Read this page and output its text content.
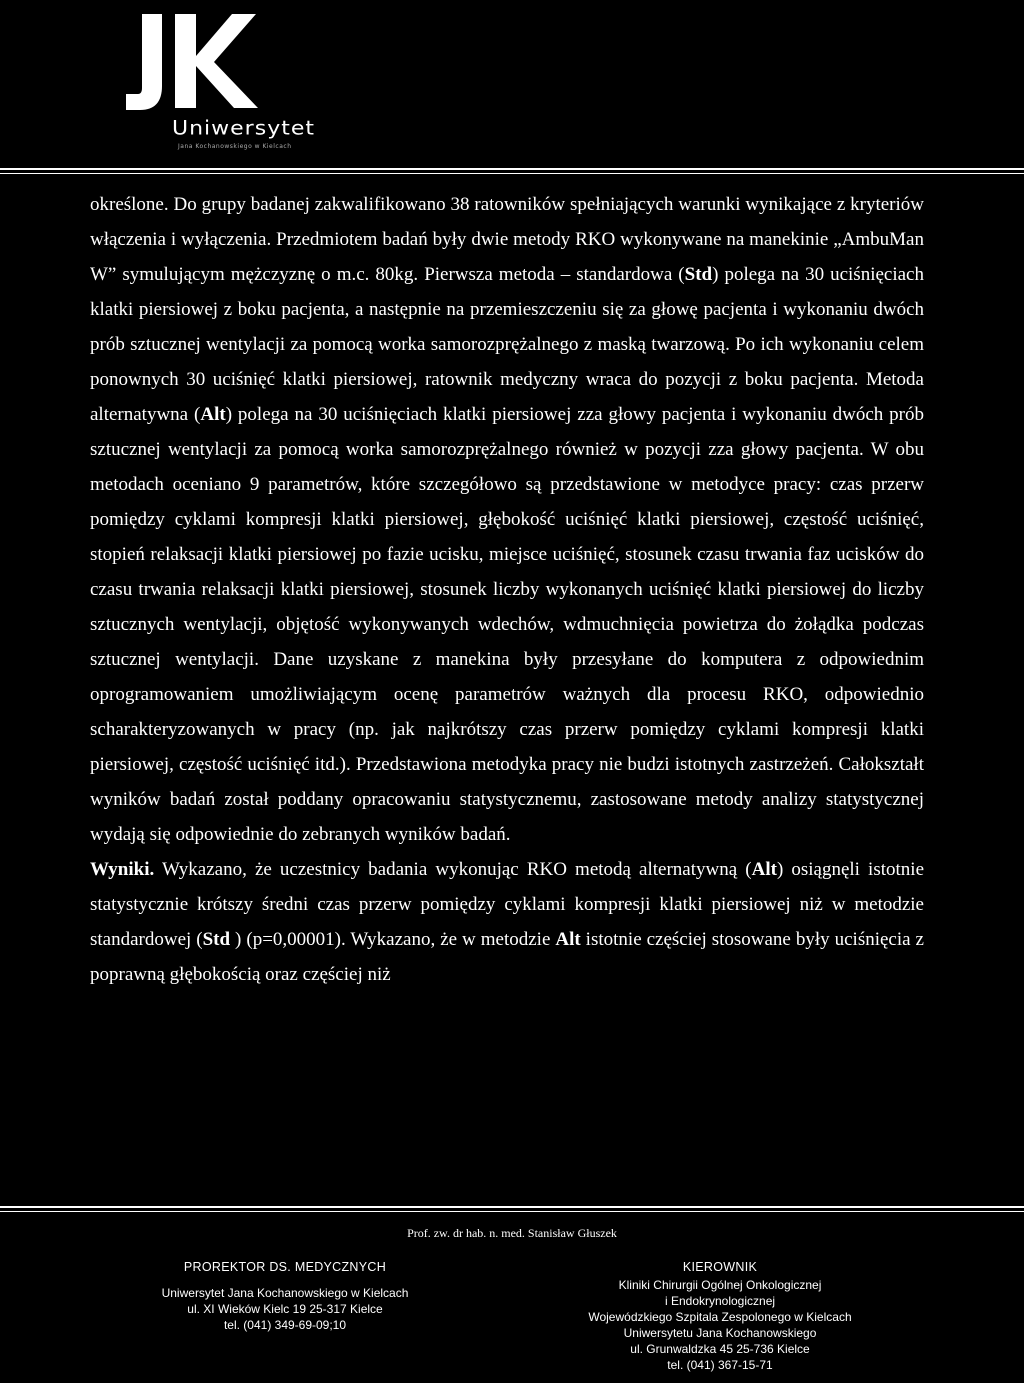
Uniwersytet
Jana Kochanowskiego w Kielcach

określone. Do grupy badanej zakwalifikowano 38 ratowników spełniających warunki wynikające z kryteriów włączenia i wyłączenia. Przedmiotem badań były dwie metody RKO wykonywane na manekinie „AmbuMan W” symulującym mężczyznę o m.c. 80kg. Pierwsza metoda – standardowa (Std) polega na 30 uciśnięciach klatki piersiowej z boku pacjenta, a następnie na przemieszczeniu się za głowę pacjenta i wykonaniu dwóch prób sztucznej wentylacji za pomocą worka samorozprężalnego z maską twarzową. Po ich wykonaniu celem ponownych 30 uciśnięć klatki piersiowej, ratownik medyczny wraca do pozycji z boku pacjenta. Metoda alternatywna (Alt) polega na 30 uciśnięciach klatki piersiowej zza głowy pacjenta i wykonaniu dwóch prób sztucznej wentylacji za pomocą worka samorozprężalnego również w pozycji zza głowy pacjenta. W obu metodach oceniano 9 parametrów, które szczegółowo są przedstawione w metodyce pracy: czas przerw pomiędzy cyklami kompresji klatki piersiowej, głębokość uciśnięć klatki piersiowej, częstość uciśnięć, stopień relaksacji klatki piersiowej po fazie ucisku, miejsce uciśnięć, stosunek czasu trwania faz ucisków do czasu trwania relaksacji klatki piersiowej, stosunek liczby wykonanych uciśnięć klatki piersiowej do liczby sztucznych wentylacji, objętość wykonywanych wdechów, wdmuchnięcia powietrza do żołądka podczas sztucznej wentylacji. Dane uzyskane z manekina były przesyłane do komputera z odpowiednim oprogramowaniem umożliwiającym ocenę parametrów ważnych dla procesu RKO, odpowiednio scharakteryzowanych w pracy (np. jak najkrótszy czas przerw pomiędzy cyklami kompresji klatki piersiowej, częstość uciśnięć itd.). Przedstawiona metodyka pracy nie budzi istotnych zastrzeżeń. Całokształt wyników badań został poddany opracowaniu statystycznemu, zastosowane metody analizy statystycznej wydają się odpowiednie do zebranych wyników badań.

Wyniki. Wykazano, że uczestnicy badania wykonując RKO metodą alternatywną (Alt) osiągnęli istotnie statystycznie krótszy średni czas przerw pomiędzy cyklami kompresji klatki piersiowej niż w metodzie standardowej (Std ) (p=0,00001). Wykazano, że w metodzie Alt istotnie częściej stosowane były uciśnięcia z poprawną głębokością oraz częściej niż

Prof. zw. dr hab. n. med. Stanisław Głuszek
PROREKTOR DS. MEDYCZNYCH
Uniwersytet Jana Kochanowskiego w Kielcach
ul. XI Wieków Kielc 19 25-317 Kielce
tel. (041) 349-69-09;10
KIEROWNIK
Kliniki Chirurgii Ogólnej Onkologicznej
i Endokrynologicznej
Wojewódzkiego Szpitala Zespolonego w Kielcach
Uniwersytetu Jana Kochanowskiego
ul. Grunwaldzka 45 25-736 Kielce
tel. (041) 367-15-71
